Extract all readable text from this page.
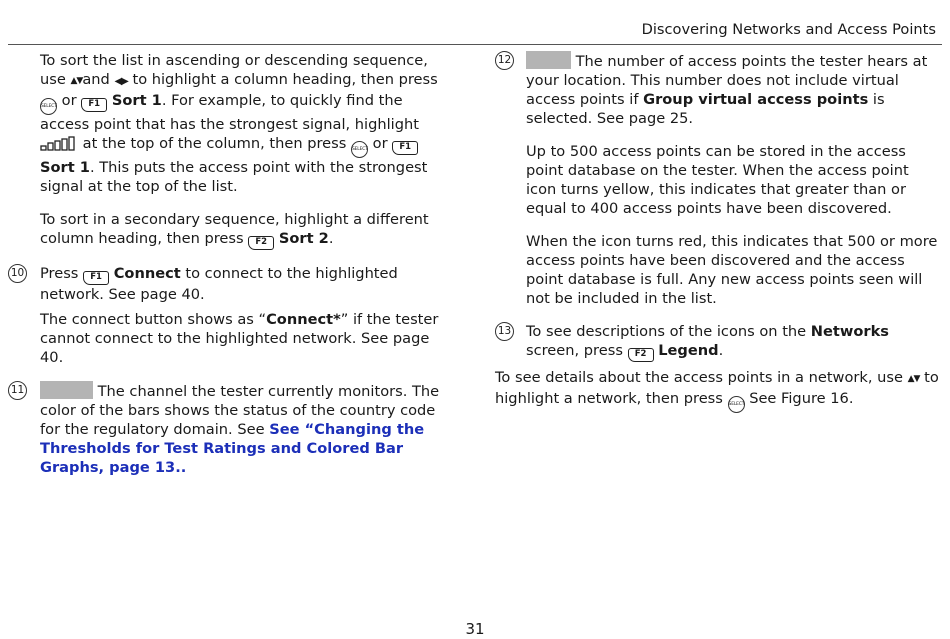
Discovering Networks and Access Points

To sort the list in ascending or descending sequence, use ▲▼and ◀▶ to highlight a column heading, then press SELECT or F1 Sort 1. For example, to quickly find the access point that has the strongest signal, highlight  at the top of the column, then press SELECT or F1 Sort 1. This puts the access point with the strongest signal at the top of the list.

To sort in a secondary sequence, highlight a different column heading, then press F2 Sort 2.

10 Press F1 Connect to connect to the highlighted network. See page 40.

The connect button shows as “Connect*” if the tester cannot connect to the highlighted network. See page 40.

11	The channel the tester currently monitors. The color of the bars shows the status of the country code for the regulatory domain. See See “Changing the Thresholds for Test Ratings and Colored Bar Graphs, page 13..

12	The number of access points the tester hears at your location. This number does not include virtual access points if Group virtual access points is selected. See page 25.

Up to 500 access points can be stored in the access point database on the tester. When the access point icon turns yellow, this indicates that greater than or equal to 400 access points have been discovered.

When the icon turns red, this indicates that 500 or more access points have been discovered and the access point database is full. Any new access points seen will not be included in the list.

13 To see descriptions of the icons on the Networks screen, press F2 Legend.

To see details about the access points in a network, use ▲▼ to highlight a network, then press SELECT See Figure 16.

31
